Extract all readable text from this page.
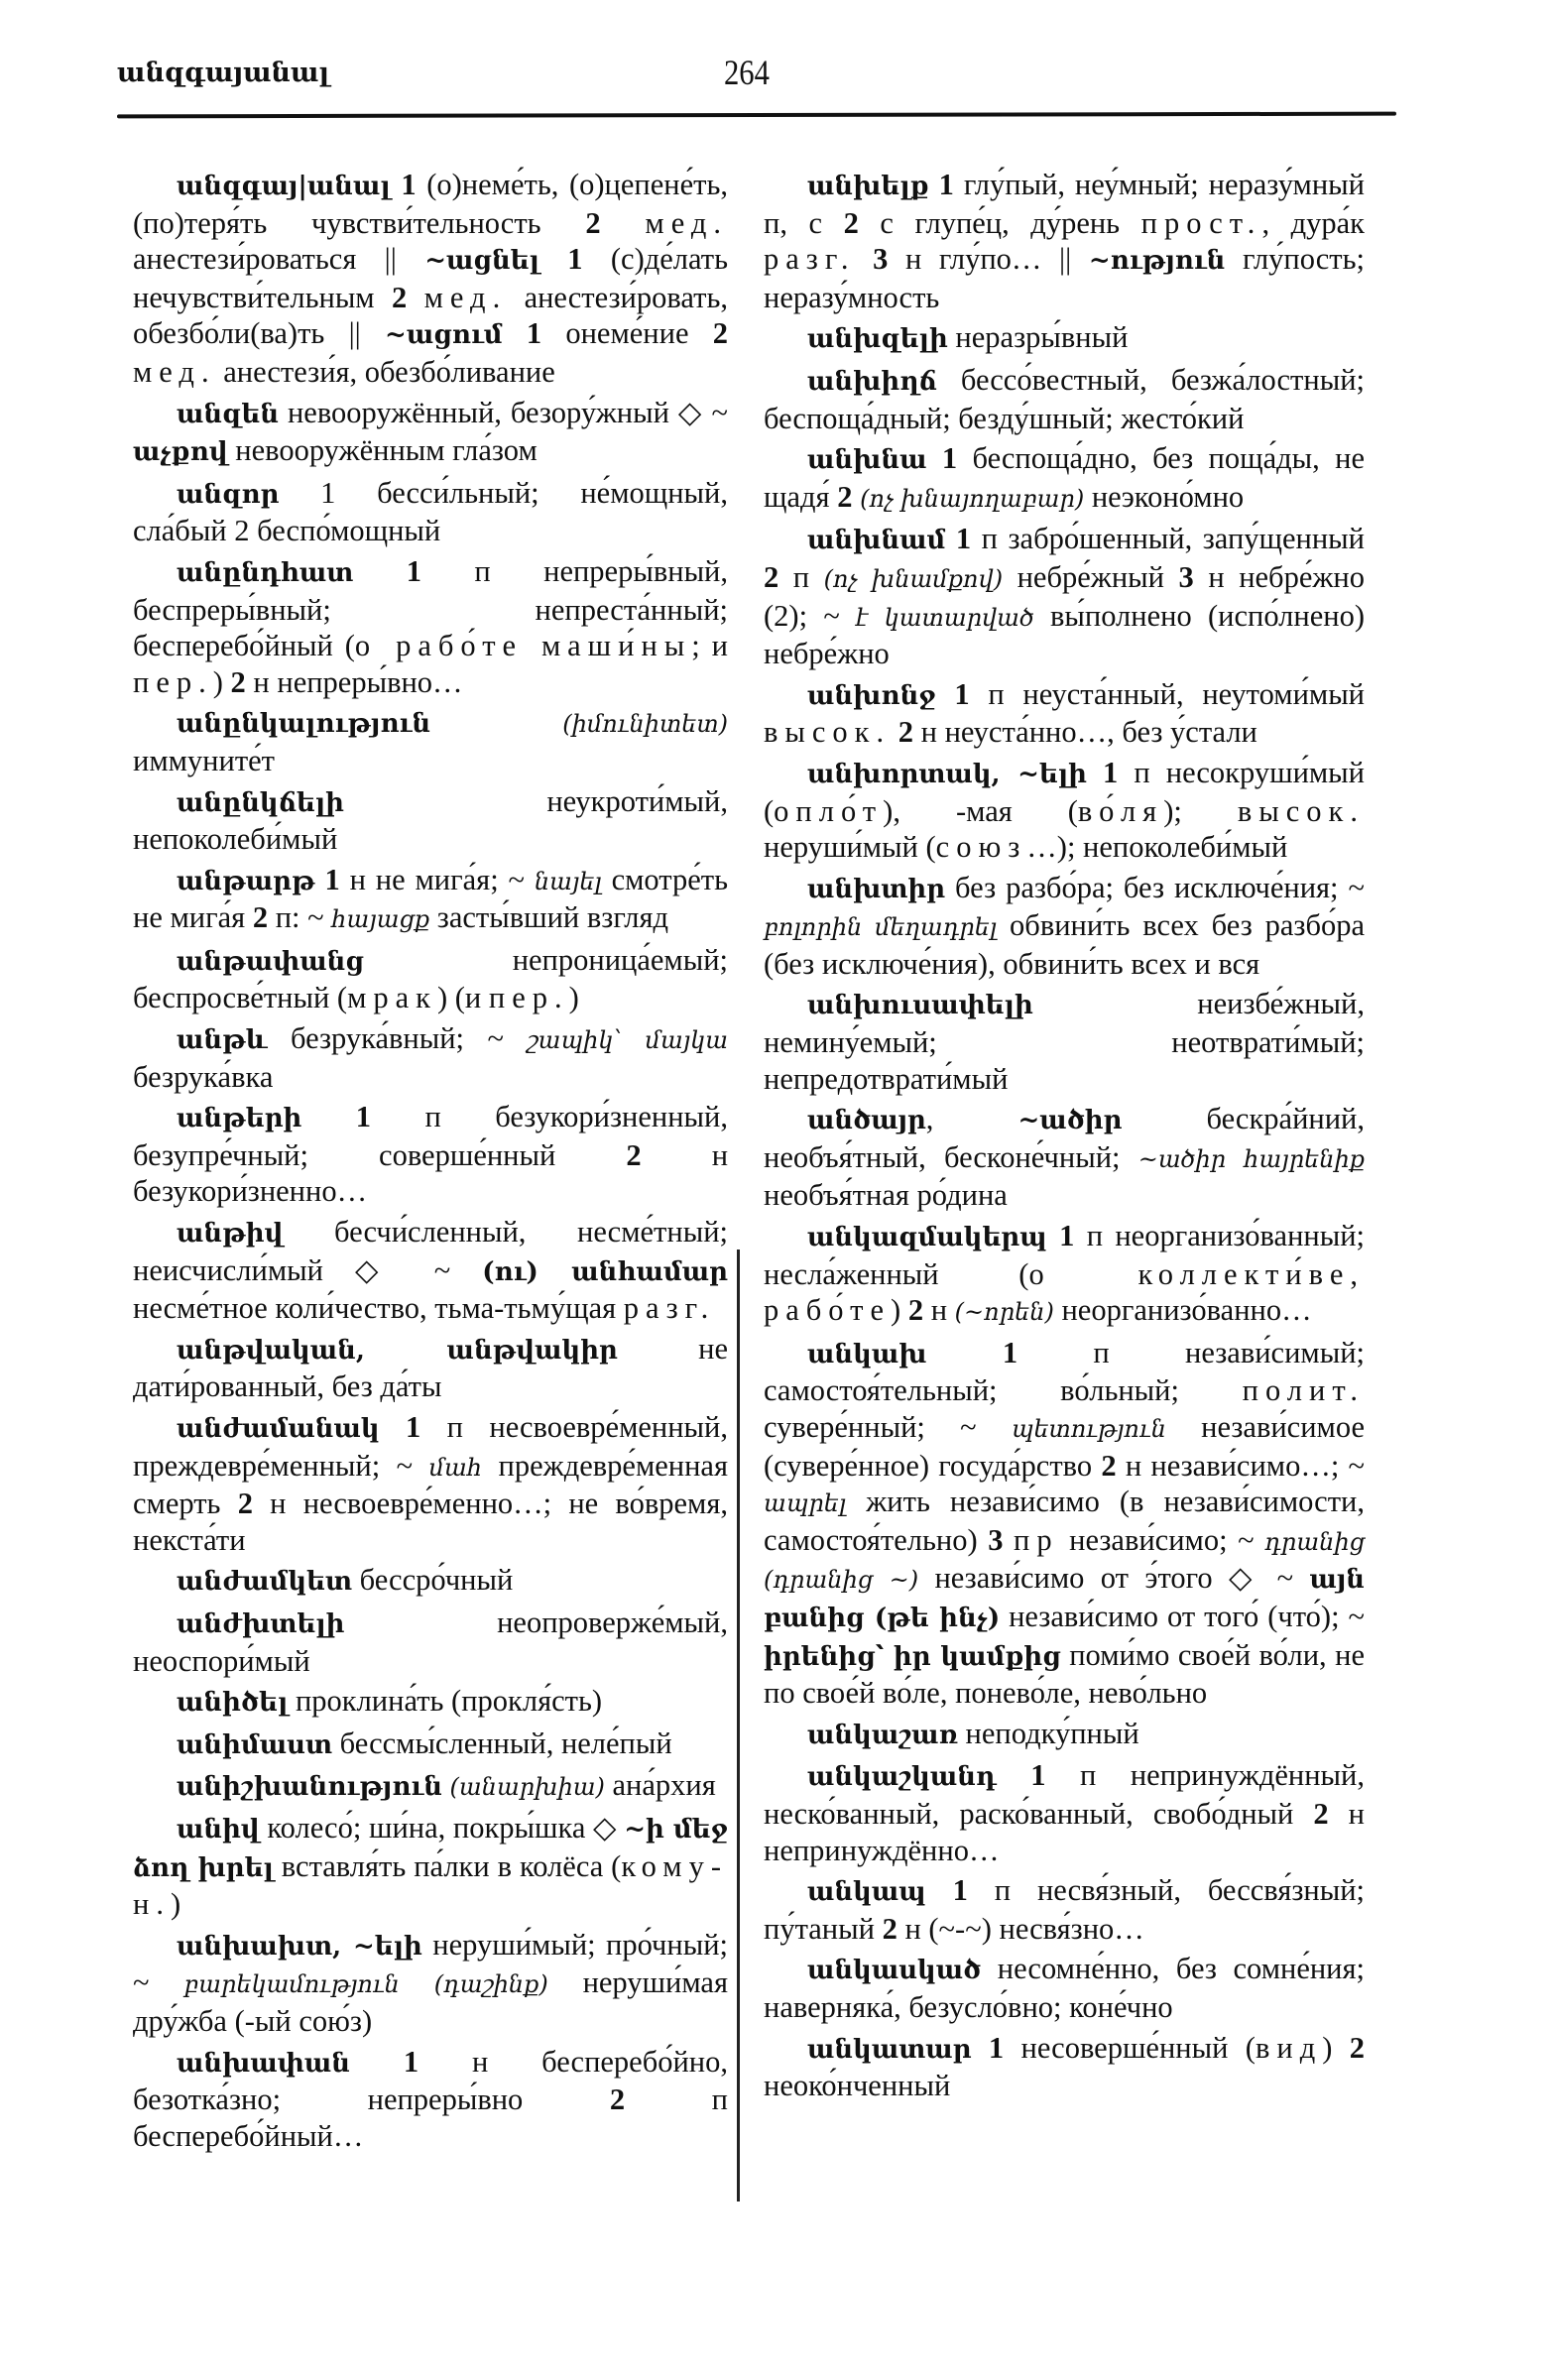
անզգայանալ	264

անզգայ|անալ 1 (о)неме́ть, (о)цепене́ть, (по)теря́ть чувстви́тельность 2 мед. анестези́роваться || ~ացնել 1 (с)де́лать нечувстви́тельным 2 мед. анестези́ровать, обезбо́ли(ва)ть || ~ացում 1 онеме́ние 2 мед. анестези́я, обезбо́ливание

անզեն невооружённый, безору́жный ◇ ~ աչքով невооружённым гла́зом

անզոր 1 бесси́льный; не́мощный, сла́бый 2 беспо́мощный

անընդհատ 1 п непреры́вный, беспреры́вный; непреста́нный; бесперебо́йный (о рабо́те маши́ны; и пер.) 2 н непреры́вно…

անընկալություն	(իմունիտետ) иммуните́т

անընկճելի неукроти́мый, непоколеби́мый

անթարթ 1 н не мига́я; ~ նայել смотре́ть не мига́я 2 п: ~ հայացք засты́вший взгляд

անթափանց непроница́емый; беспросве́тный (мрак) (и пер.)

անթև безрука́вный; ~ շապիկ՝ մայկա безрука́вка

անթերի 1 п безукори́зненный, безупре́чный; соверше́нный 2 н безукори́зненно…

անթիվ бесчи́сленный, несме́тный; неисчисли́мый ◇ ~ (ու) անհամար несме́тное коли́чество, тьма-тьму́щая разг.

անթվական, անթվակիր не дати́рованный, без да́ты

անժամանակ 1 п несвоевре́менный, преждевре́менный; ~ մահ преждевре́менная смерть 2 н несвоевре́менно…; не во́время, некста́ти

անժամկետ бесcро́чный

անժխտելի неопроверже́мый, неоспори́мый

անիծել проклина́ть (прокля́сть)

անիմաստ бессмы́сленный, неле́пый

անիշխանություն (անարխիա) ана́рхия

անիվ колесо́; ши́на, покры́шка ◇ ~ի մեջ ձող խրել вставля́ть па́лки в колёса (кому-н.)

անխախտ, ~ելի неруши́мый; про́чный; ~ բարեկամություն (դաշինք) неруши́мая дру́жба (-ый сою́з)

անխափան 1 н бесперебо́йно, безотка́зно; непреры́вно 2 п бесперебо́йный…

անխելք 1 глу́пый, неу́мный; неразу́мный п, с 2 с глупе́ц, ду́рень прост., дура́к разг. 3 н глу́по… || ~ություն глу́пость; неразу́мность

անխզելի неразры́вный

անխիղճ бессо́вестный, безжа́лостный; беспоща́дный; безду́шный; жесто́кий

անխնա 1 беспоща́дно, без поща́ды, не щадя́ 2 (ոչ խնայողաբար) неэконо́мно

անխնամ 1 п забро́шенный, запу́щенный 2 п (ոչ խնամքով) небре́жный 3 н небре́жно (2); ~ է կատարված вы́полнено (испо́лнено) небре́жно

անխոնջ 1 п неуста́нный, неутоми́мый высок. 2 н неуста́нно…, без у́стали

անխորտակ, ~ելի 1 п несокруши́мый (опло́т), -мая (во́ля); высок. неруши́мый (союз…); непоколеби́мый

անխտիր без разбо́ра; без исключе́ния; ~ բոլորին մեղադրել обвини́ть всех без разбо́ра (без исключе́ния), обвини́ть всех и вся

անխուսափելի неизбе́жный, немину́емый; неотврати́мый; непредотврати́мый

անծայր, ~ածիր бескра́йний, необъя́тный, бесконе́чный; ~ածիր հայրենիք необъя́тная ро́дина

անկազմակերպ 1 п неорганизо́ванный; несла́женный (о коллекти́ве, рабо́те) 2 н (~որեն) неорганизо́ванно…

անկախ 1 п незави́симый; самостоя́тельный; во́льный; полит. сувере́нный; ~ պետություն незави́симое (сувере́нное) госуда́рство 2 н незави́симо…; ~ ապրել жить незави́симо (в незави́симости, самостоя́тельно) 3 пр незави́симо; ~ դրանից (դրանից ~) незави́симо от э́того ◇ ~ այն բանից (թե ինչ) незави́симо от того́ (что́); ~ իրենից՝ իր կամքից поми́мо свое́й во́ли, не по свое́й во́ле, понево́ле, нево́льно

անկաշառ неподку́пный

անկաշկանդ 1 п непринуждённый, неско́ванный, раско́ванный, свобо́дный 2 н непринуждённо…

անկապ 1 п несвя́зный, бессвя́зный; пу́таный 2 н (~-~) несвя́зно…

անկասկած несомне́нно, без сомне́ния; наверняка́, безусло́вно; коне́чно

անկատար 1 несоверше́нный (вид) 2 неоко́нченный
